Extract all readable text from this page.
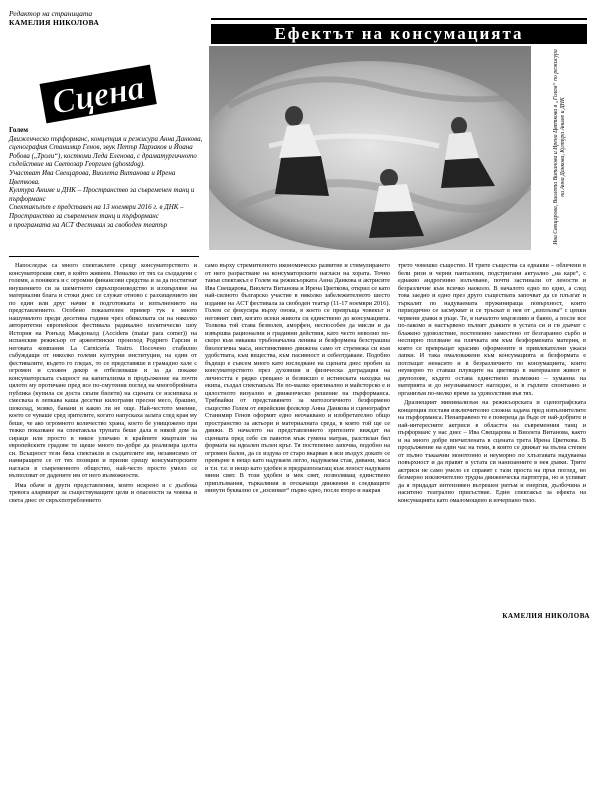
Редактор на страницата
КАМЕЛИЯ НИКОЛОВА
Ефектът на консумацията
Сцена	Ива Свещарова, Виолета Витанова и Ирена Цветкова в „Голем“ по режисура на Анна Данкова, Култура Аниме и ДНК

Голем

Движенческо пърформанс, концепция и режисура Анна Данкова, сценография Станимир Генов, звук Петър Парзаков и Йоана Робова („Троли“), костюми Леда Еленова, с драматургичното съдействие на Светозар Георгиев (ghostdog).

Участват Ива Свещарова, Виолета Витанова и Ирена Цветкова.

Култура Аниме и ДНК – Пространство за съвременен танц и пърформанс

Спектакълът е представен на 13 ноември 2016 г. в ДНК – Пространство за съвременен танц и пърформанс

в програмата на ACT Фестивал за свободен театър

Напоследък са много спектаклите срещу консуматорството и консуматорския свят, в който живеем. Немалко от тях са създадени с големи, а понякога и с огромни финансови средства и за да постигнат внушението си за шеметното свръхпроизводство и изхвърляне на материални блага и стоки днес се служат отново с разхищението им по един или друг начин в подготовката и изпълнението на представлението. Особено показателен пример тук е много нашумялото преди десетина години чрез обиколката си на няколко авторитетни европейски фестивала радикално политическо шоу История на Ронълд Макдоналд (Accidens (matar para comer)) на испанския режисьор от аржентински произход Родриго Гарсия и неговата компания La Carnicería Teatro. Посочено стабилно събуждащи от няколко големи културни институции, на един от фестивалите, където го гледах, то се представяше в грамадно хале с огромен и сложен декор и отбелязваше и за да покаже консуматорската същност на капитализма в продължение на почти цялото му протичане пред все по-смутения поглед на многобройната публика (купила си доста скъпи билети) на сцената се изсипваха и смесваха в лепкава каша десетки килограми пресни месо, брашно, шоколад, мляко, банани и какво ли не още. Най-честото мнение, което се чуваше сред зрителите, когато напускаха залата след края му беше, че ако огромното количество храна, което бе унищожено при тежко показване на спектакъла трупата беше дала в някой дом за сираци или просто в някое уличаво в крайните квартали на европейските градове те щеше много по-добре да реализира целта си. Всъщност тези бяха спектакли и създателите им, независимо от намиращите се от тях позиции и призив срещу консуматорските нагласи в съвременното общество, най-често просто умело се възползват от дадените им от него възможности.

Има обаче и други представления, които искрено и с дълбока тревога алармират за съществуващите цели и опасности за човека и света днес от свръхпотреблението

само върху стремителното икономическо развитие и стимулирането от него разрастване на консуматорските нагласи на хората. Точно такъв спектакъл е Голем на режисьорката Анна Данкова и актрисите Ива Свещарова, Виолета Витанова и Ирена Цветкова, открил се като най-силното българско участие в няколко забележителното шесто издание на ACT фестивала за свободен театър (11-17 ноември 2016). Голем се фокусира върху онова, в което се превръща човекът и неговият свят, когато всеки живота си единствено до консумацията. Толкова той става безволев, аморфен, неспособен да мисли и да извършва рационални и градивни действия, като често неволно по-скоро към някаква тръбоначална ленива и безформена безстрашна биологична маса, инстинктивно движена само от стремежа си към удобствата, към вещества, към пасивност и себеотдаване. Подобно бъдещо е съвсем много като изследване на сцената днес пробен за консуматорството през духовния и физическа деградация на личността е рядко срещано и безвисшо е истинската находка на екипа, създал спектакъла. Не по-малко оригинално и майсторско е и цялостното визуално и движенческо решение на пърформанса. Трябвайки от представянето за митологичното безформено същество Голем от еврейския фолклор Анна Данкова и сценографът Станимир Генов оформят едно неочаквано и изобретателно общо пространство за актьори и материалната среда, в която той ще се движи. В началото на представлението зрителите виждат на сценката пред себе си паянтов мъж гумена матрак, разстилан бял формата на идеален пълен кръг. Тя постепенно започва, подобно на огромен балон, да се издува от старо вкарван в вси въздух докато се превърне в нещо като надуваем легло, надуваема стая, дивани, маса и т.н. т.е. в нещо като удобен и предразполагащ към леност надуваем мини свят. В този удобен и мек свят, позволяващ единствено приплъзвания, търкаляния и отскачащи движения в следващите минути буквално се „изсипват“ първо едно, после второ и накрая

трето човешко същество. И трите същества са еднакви – облечени в бели ризи и черни панталони, подстригани актуално „на каре“, с еднакво андрогинно излъчване, почти застинали от лености и безразличие към всичко наоколо. В началото едно по едно, а след това заедно и едно през друго съществата започват да се плъзгат и търкалят по надуваемата пружинираща повърхност, които периодично се засмукват и се тръскат в нея от „изплъзва“ с цепки червени дъвки в ръце. Те, в началото мързеливо и бавно, а после все по-лакомо и настървено пълнят дъвките в устата си и ги дъвчат с блажено удоволствие, постепенно заместено от безгаранно сърбо и неспирно ползване на плячката им към безформената материя, в която се превръщат красиво оформените и привлекателни ужаси лапки. И така омаловажени към консумацията и безформата е поглъщат ненасито и в безразличието по конзумацията, които неуморно то ставаш плувците на цветящо в материален живот в двуполове, където остава единствено възможно – хуманна на материята и до неузнаваемост нагледно, и в гърлите спонтанно и организъм по-мелко време за удоволствия във тях.

Дразнещият минимализъм на режисьорската и сценографската концепция поставя изключително сложна задача пред изпълнителите на пърформанса. Ненаправено те е повереца да бъде от най-добрите и най-интересните актриси в областта на съвременния танц и пърформанс у нас днес – Ива Свещарова и Виолета Витанова, както и на много добре впечатлената в сцената трета Ирена Цветкова. В продължение на един час на теми, в които се движат на пълна степен от пълно тъкаачни монотонно и неуморно по хлъзгавата надуваема повърхност и да правят в устата си нанизанните в нея дъвки. Трите актриси не само умело се справят с тази проста на пръв поглед, но безмерно изключително трудна движенческа партитура, но и успяват да я придадат интензивен вътрешен ритъм и енергия, дълбочина и наситено театрално присъствие. Един спектакъл за ефекта на консумацията като омаломощено и изчерпано тяло.

КАМЕЛИЯ НИКОЛОВА
